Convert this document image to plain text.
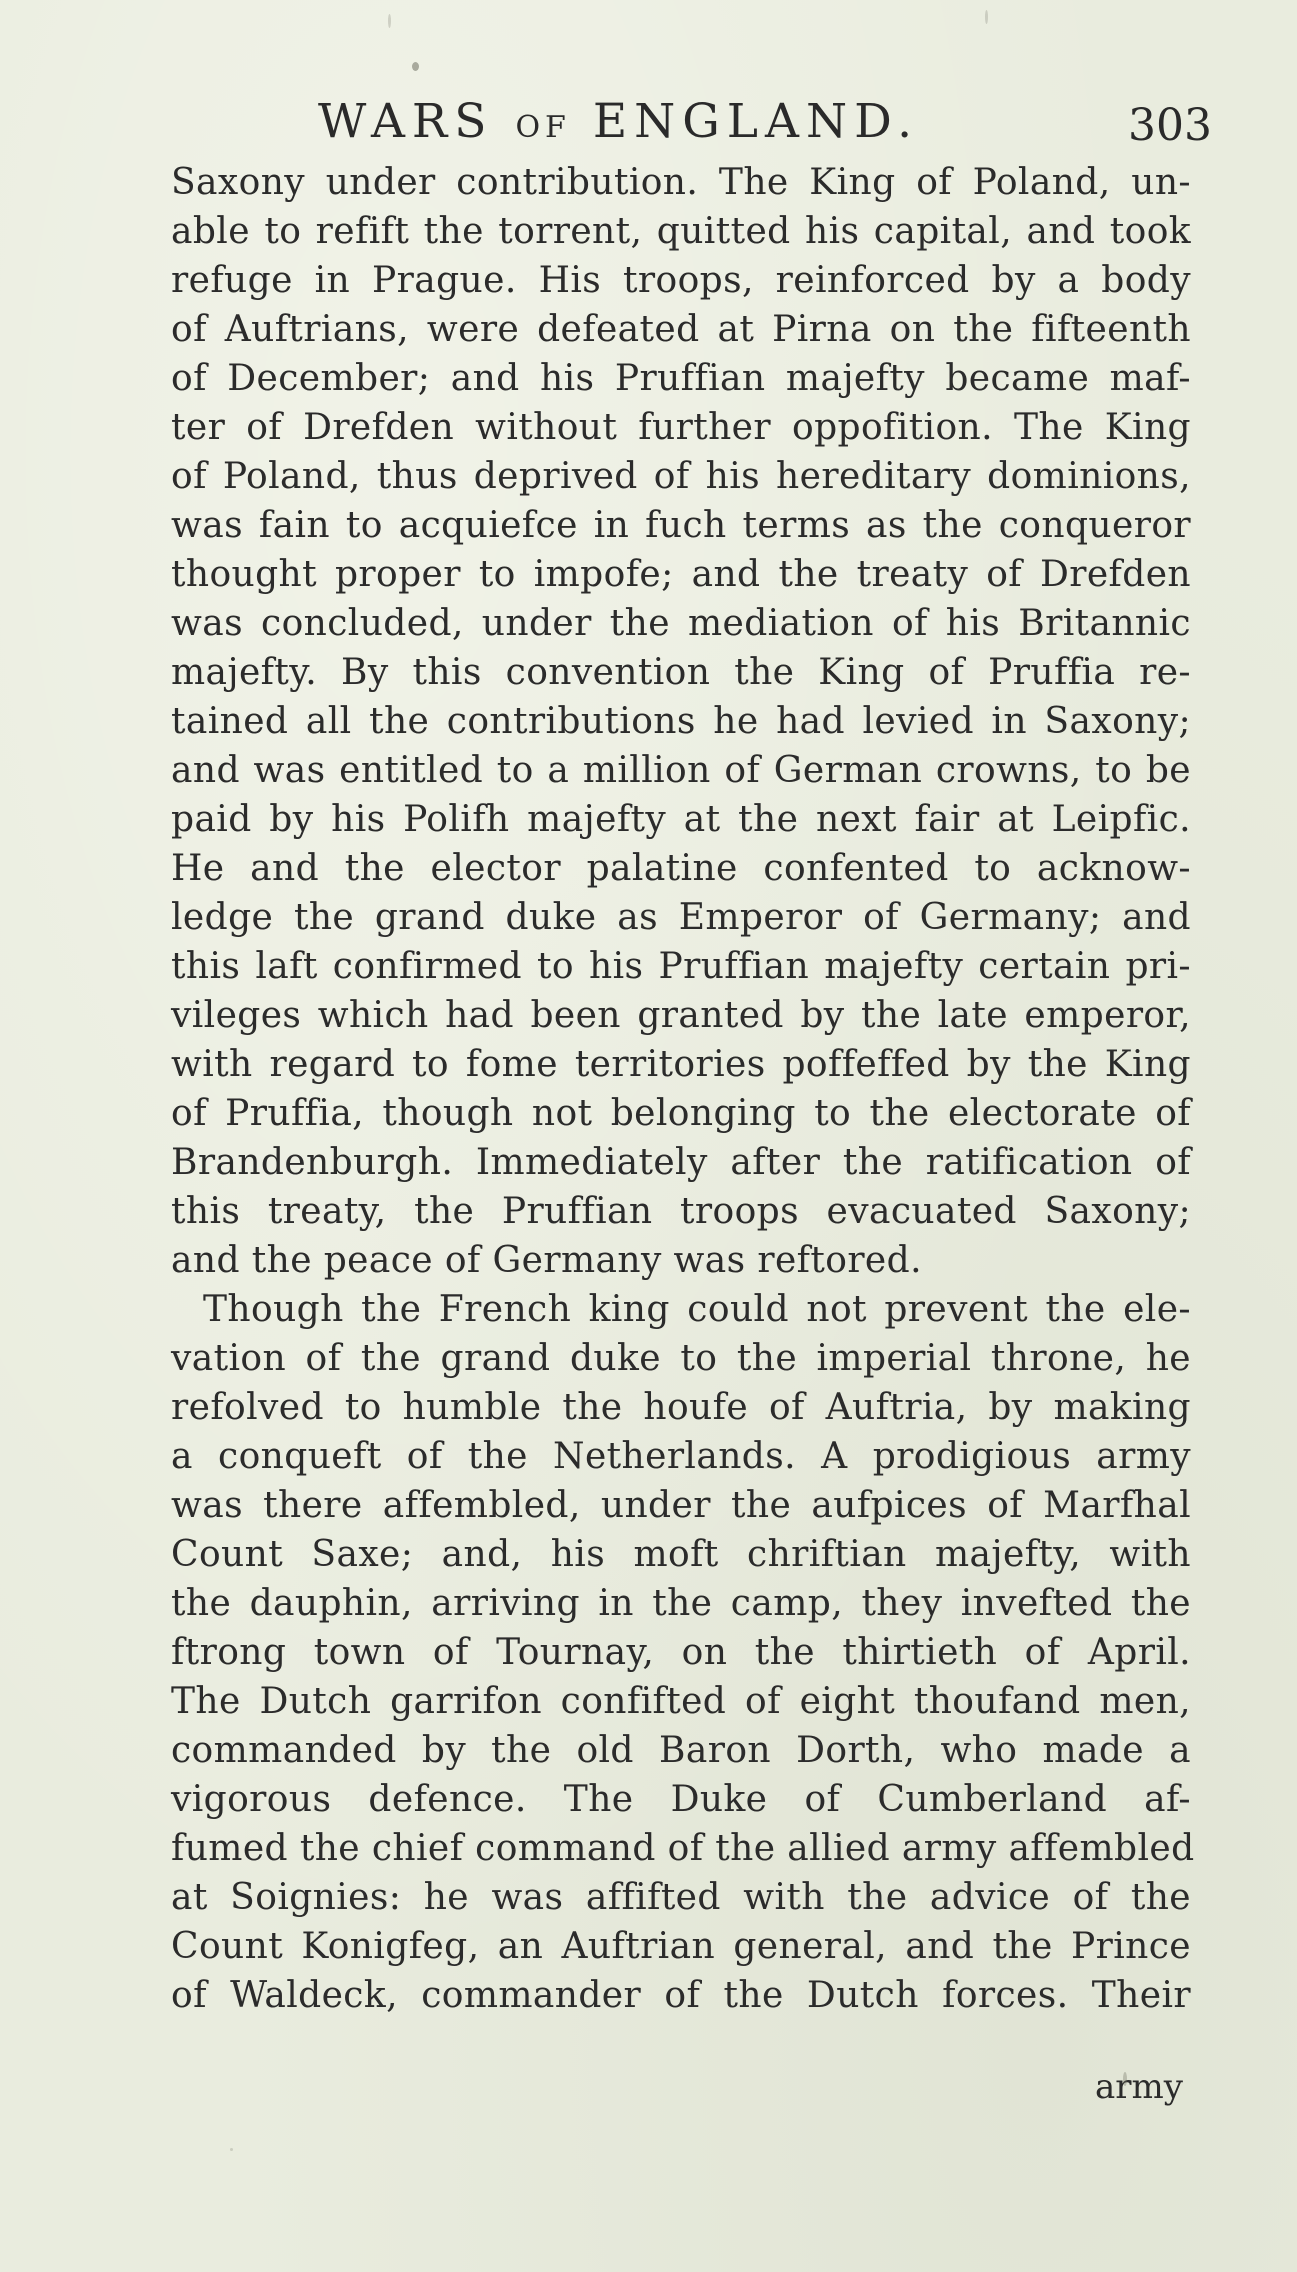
WARS OF ENGLAND.	303
Saxony under contribution. The King of Poland, un-
able to refift the torrent, quitted his capital, and took
refuge in Prague. His troops, reinforced by a body
of Auftrians, were defeated at Pirna on the fifteenth
of December; and his Pruffian majefty became maf-
ter of Drefden without further oppofition. The King
of Poland, thus deprived of his hereditary dominions,
was fain to acquiefce in fuch terms as the conqueror
thought proper to impofe; and the treaty of Drefden
was concluded, under the mediation of his Britannic
majefty. By this convention the King of Pruffia re-
tained all the contributions he had levied in Saxony;
and was entitled to a million of German crowns, to be
paid by his Polifh majefty at the next fair at Leipfic.
He and the elector palatine confented to acknow-
ledge the grand duke as Emperor of Germany; and
this laft confirmed to his Pruffian majefty certain pri-
vileges which had been granted by the late emperor,
with regard to fome territories poffeffed by the King
of Pruffia, though not belonging to the electorate of
Brandenburgh. Immediately after the ratification of
this treaty, the Pruffian troops evacuated Saxony;
and the peace of Germany was reftored.
Though the French king could not prevent the ele-
vation of the grand duke to the imperial throne, he
refolved to humble the houfe of Auftria, by making
a conqueft of the Netherlands. A prodigious army
was there affembled, under the aufpices of Marfhal
Count Saxe; and, his moft chriftian majefty, with
the dauphin, arriving in the camp, they invefted the
ftrong town of Tournay, on the thirtieth of April.
The Dutch garrifon confifted of eight thoufand men,
commanded by the old Baron Dorth, who made a
vigorous defence. The Duke of Cumberland af-
fumed the chief command of the allied army affembled
at Soignies: he was affifted with the advice of the
Count Konigfeg, an Auftrian general, and the Prince
of Waldeck, commander of the Dutch forces. Their
army
